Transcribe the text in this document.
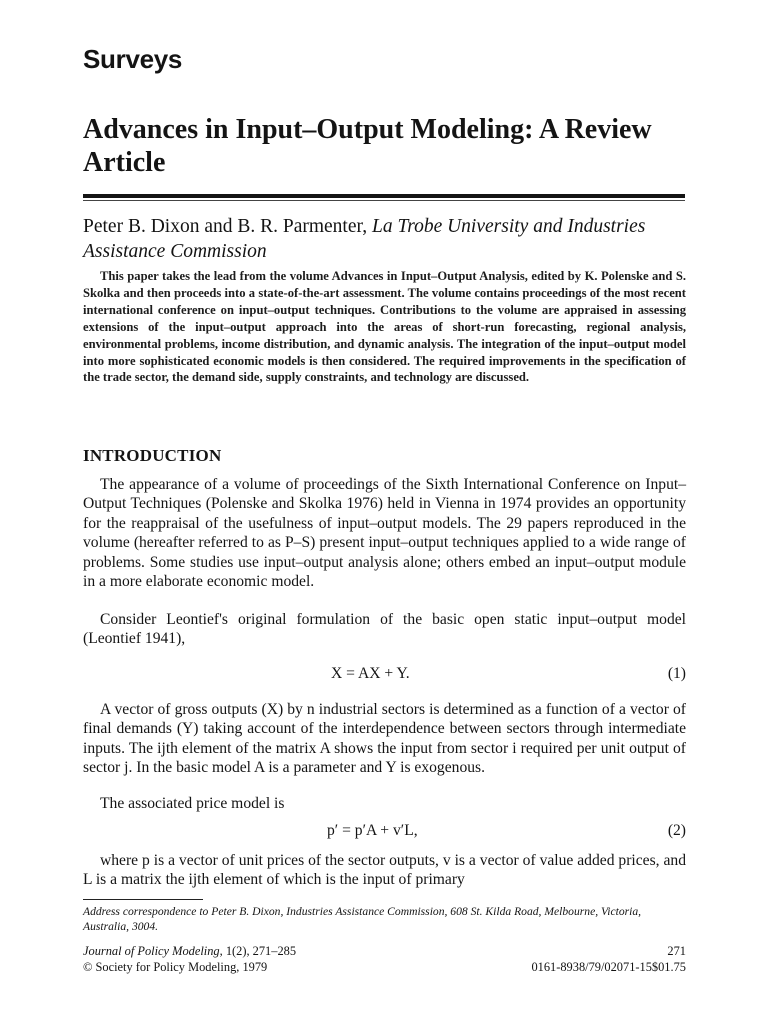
Surveys
Advances in Input–Output Modeling: A Review Article
Peter B. Dixon and B. R. Parmenter, La Trobe University and Industries Assistance Commission
This paper takes the lead from the volume Advances in Input–Output Analysis, edited by K. Polenske and S. Skolka and then proceeds into a state-of-the-art assessment. The volume contains proceedings of the most recent international conference on input–output techniques. Contributions to the volume are appraised in assessing extensions of the input–output approach into the areas of short-run forecasting, regional analysis, environmental problems, income distribution, and dynamic analysis. The integration of the input–output model into more sophisticated economic models is then considered. The required improvements in the specification of the trade sector, the demand side, supply constraints, and technology are discussed.
INTRODUCTION
The appearance of a volume of proceedings of the Sixth International Conference on Input–Output Techniques (Polenske and Skolka 1976) held in Vienna in 1974 provides an opportunity for the reappraisal of the usefulness of input–output models. The 29 papers reproduced in the volume (hereafter referred to as P–S) present input–output techniques applied to a wide range of problems. Some studies use input–output analysis alone; others embed an input–output module in a more elaborate economic model.
Consider Leontief's original formulation of the basic open static input–output model (Leontief 1941),
X = AX + Y.	(1)
A vector of gross outputs (X) by n industrial sectors is determined as a function of a vector of final demands (Y) taking account of the interdependence between sectors through intermediate inputs. The ijth element of the matrix A shows the input from sector i required per unit output of sector j. In the basic model A is a parameter and Y is exogenous.
The associated price model is
p′ = p′A + v′L,	(2)
where p is a vector of unit prices of the sector outputs, v is a vector of value added prices, and L is a matrix the ijth element of which is the input of primary
Address correspondence to Peter B. Dixon, Industries Assistance Commission, 608 St. Kilda Road, Melbourne, Victoria, Australia, 3004.
Journal of Policy Modeling, 1(2), 271–285
© Society for Policy Modeling, 1979
271
0161-8938/79/02071-15$01.75
